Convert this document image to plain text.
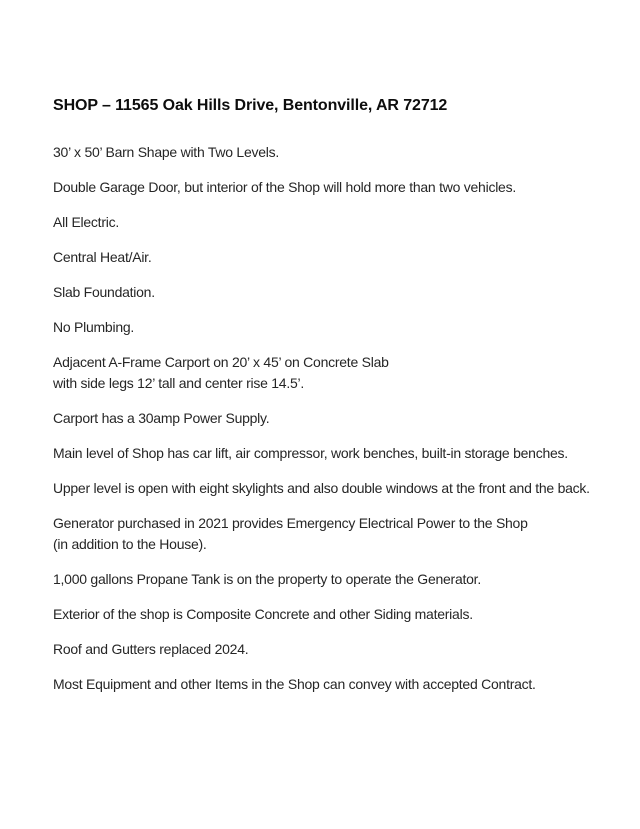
SHOP – 11565 Oak Hills Drive, Bentonville, AR 72712

30’ x 50’ Barn Shape with Two Levels.

Double Garage Door, but interior of the Shop will hold more than two vehicles.

All Electric.

Central Heat/Air.

Slab Foundation.

No Plumbing.

Adjacent A-Frame Carport on 20’ x 45’ on Concrete Slab
with side legs 12’ tall and center rise 14.5’.

Carport has a 30amp Power Supply.

Main level of Shop has car lift, air compressor, work benches, built-in storage benches.

Upper level is open with eight skylights and also double windows at the front and the back.

Generator purchased in 2021 provides Emergency Electrical Power to the Shop
(in addition to the House).

1,000 gallons Propane Tank is on the property to operate the Generator.

Exterior of the shop is Composite Concrete and other Siding materials.

Roof and Gutters replaced 2024.

Most Equipment and other Items in the Shop can convey with accepted Contract.
